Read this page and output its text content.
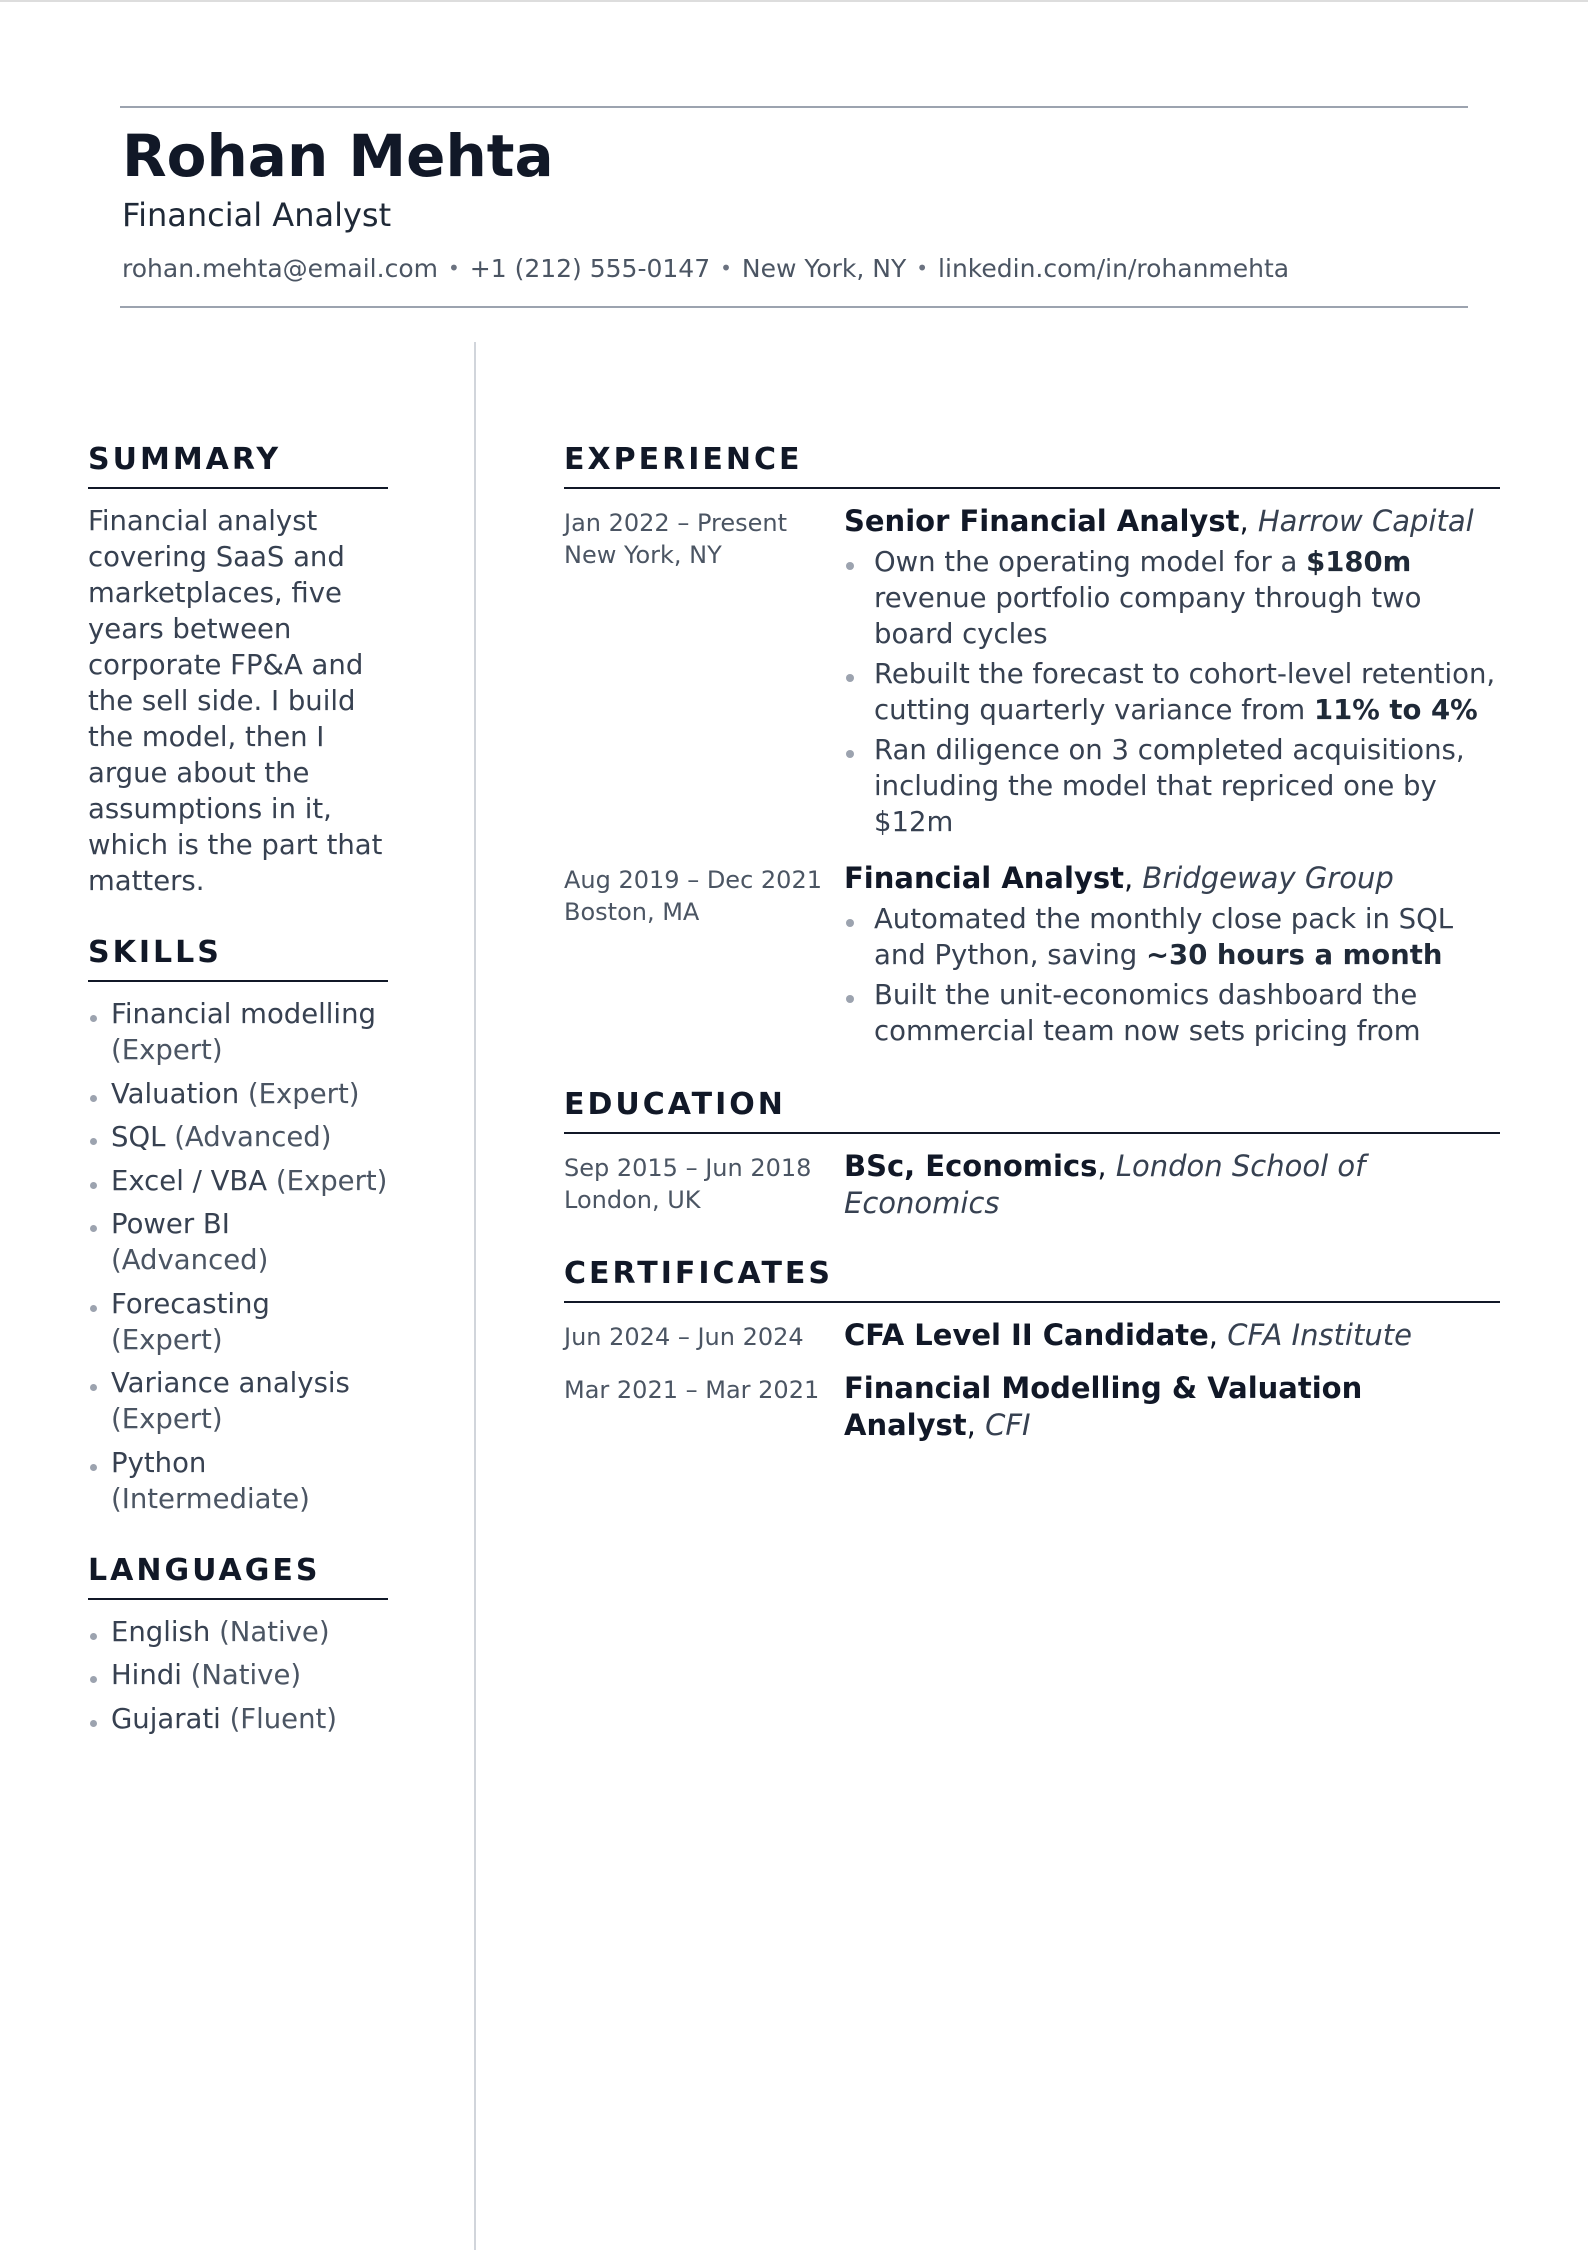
Rohan Mehta
Financial Analyst
rohan.mehta@email.com • +1 (212) 555-0147 • New York, NY • linkedin.com/in/rohanmehta
SUMMARY

Financial analyst covering SaaS and marketplaces, five years between corporate FP&A and the sell side. I build the model, then I argue about the assumptions in it, which is the part that matters.

SKILLS
Financial modelling (Expert)
Valuation (Expert)
SQL (Advanced)
Excel / VBA (Expert)
Power BI (Advanced)
Forecasting (Expert)
Variance analysis (Expert)
Python (Intermediate)
LANGUAGES
English (Native)
Hindi (Native)
Gujarati (Fluent)
EXPERIENCE
Jan 2022 – Present
New York, NY
Senior Financial Analyst, Harrow Capital
Own the operating model for a $180m revenue portfolio company through two board cycles
Rebuilt the forecast to cohort-level retention, cutting quarterly variance from 11% to 4%
Ran diligence on 3 completed acquisitions, including the model that repriced one by $12m
Aug 2019 – Dec 2021
Boston, MA
Financial Analyst, Bridgeway Group
Automated the monthly close pack in SQL and Python, saving ~30 hours a month
Built the unit-economics dashboard the commercial team now sets pricing from
EDUCATION
Sep 2015 – Jun 2018
London, UK
BSc, Economics, London School of Economics
CERTIFICATES
Jun 2024 – Jun 2024	CFA Level II Candidate, CFA Institute
Mar 2021 – Mar 2021 Financial Modelling & Valuation Analyst, CFI
